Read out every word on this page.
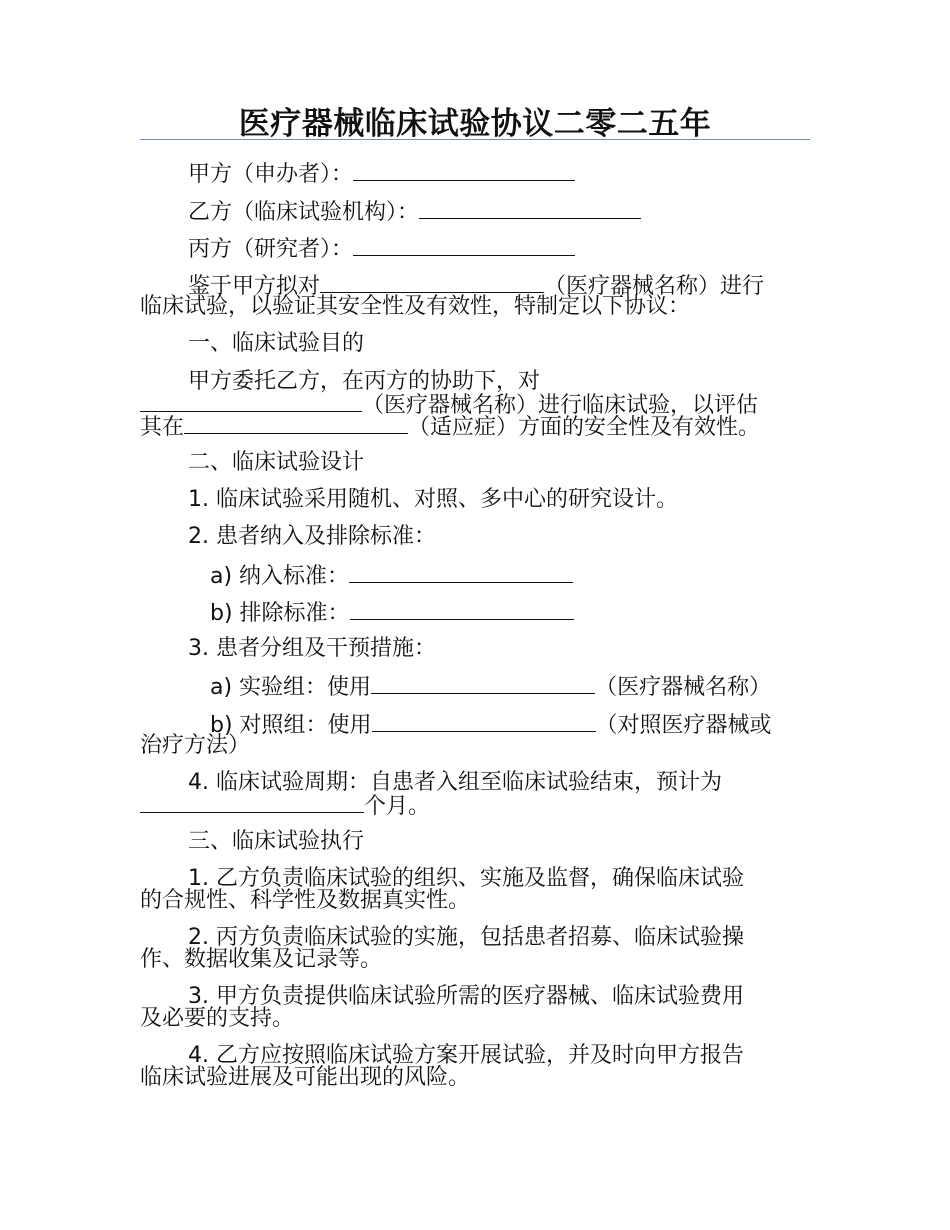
医疗器械临床试验协议二零二五年
甲方（申办者）：
乙方（临床试验机构）：
丙方（研究者）：
鉴于甲方拟对	（医疗器械名称）进行
临床试验，以验证其安全性及有效性，特制定以下协议：
一、临床试验目的
甲方委托乙方，在丙方的协助下，对
（医疗器械名称）进行临床试验，以评估
其在	（适应症）方面的安全性及有效性。
二、临床试验设计
1. 临床试验采用随机、对照、多中心的研究设计。
2. 患者纳入及排除标准：
a) 纳入标准：
b) 排除标准：
3. 患者分组及干预措施：
a) 实验组：使用	（医疗器械名称）
b) 对照组：使用	（对照医疗器械或
治疗方法）
4. 临床试验周期：自患者入组至临床试验结束，预计为
个月。
三、临床试验执行
1. 乙方负责临床试验的组织、实施及监督，确保临床试验
的合规性、科学性及数据真实性。
2. 丙方负责临床试验的实施，包括患者招募、临床试验操
作、数据收集及记录等。
3. 甲方负责提供临床试验所需的医疗器械、临床试验费用
及必要的支持。
4. 乙方应按照临床试验方案开展试验，并及时向甲方报告
临床试验进展及可能出现的风险。
